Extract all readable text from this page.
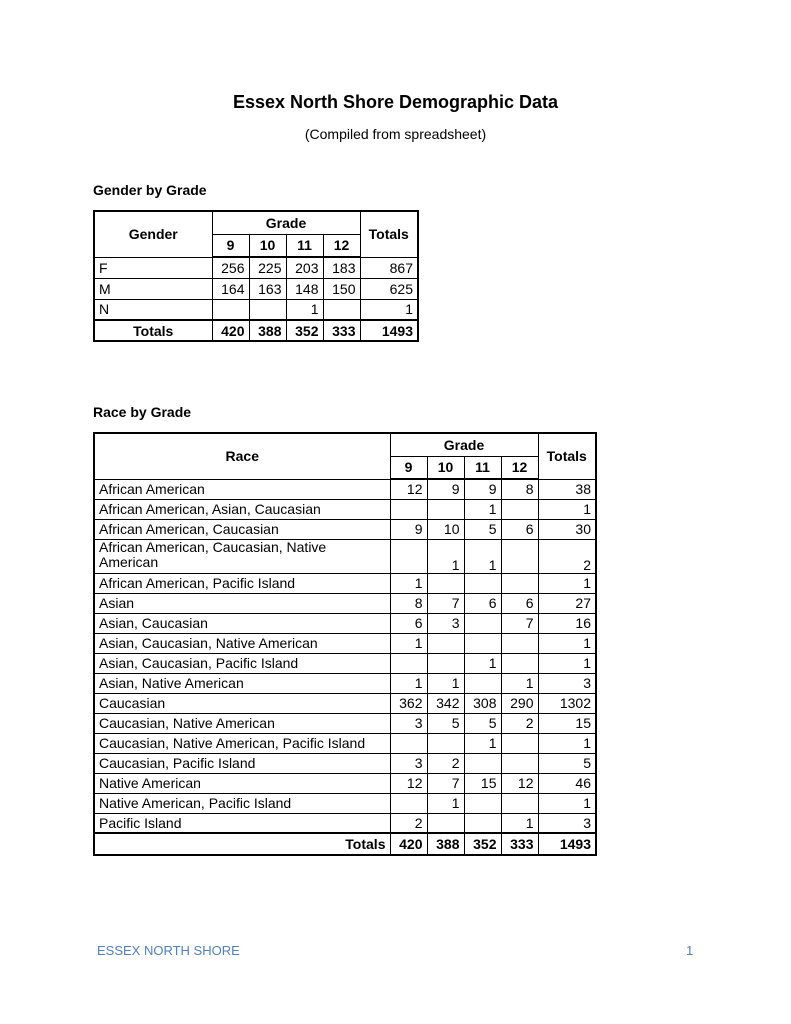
Essex North Shore Demographic Data
(Compiled from spreadsheet)
Gender by Grade
Gender	Grade				Totals
	9	10	11	12	
F	256	225	203	183	867
M	164	163	148	150	625
N			1		1
Totals	420	388	352	333	1493
Race by Grade
Race	Grade				Totals
	9	10	11	12	
African American	12	9	9	8	38
African American, Asian, Caucasian			1		1
African American, Caucasian	9	10	5	6	30
African American, Caucasian, Native American		1	1		2
African American, Pacific Island	1				1
Asian	8	7	6	6	27
Asian, Caucasian	6	3		7	16
Asian, Caucasian, Native American	1				1
Asian, Caucasian, Pacific Island			1		1
Asian, Native American	1	1		1	3
Caucasian	362	342	308	290	1302
Caucasian, Native American	3	5	5	2	15
Caucasian, Native American, Pacific Island			1		1
Caucasian, Pacific Island	3	2			5
Native American	12	7	15	12	46
Native American, Pacific Island		1			1
Pacific Island	2			1	3
Totals	420	388	352	333	1493
ESSEX NORTH SHORE	1
